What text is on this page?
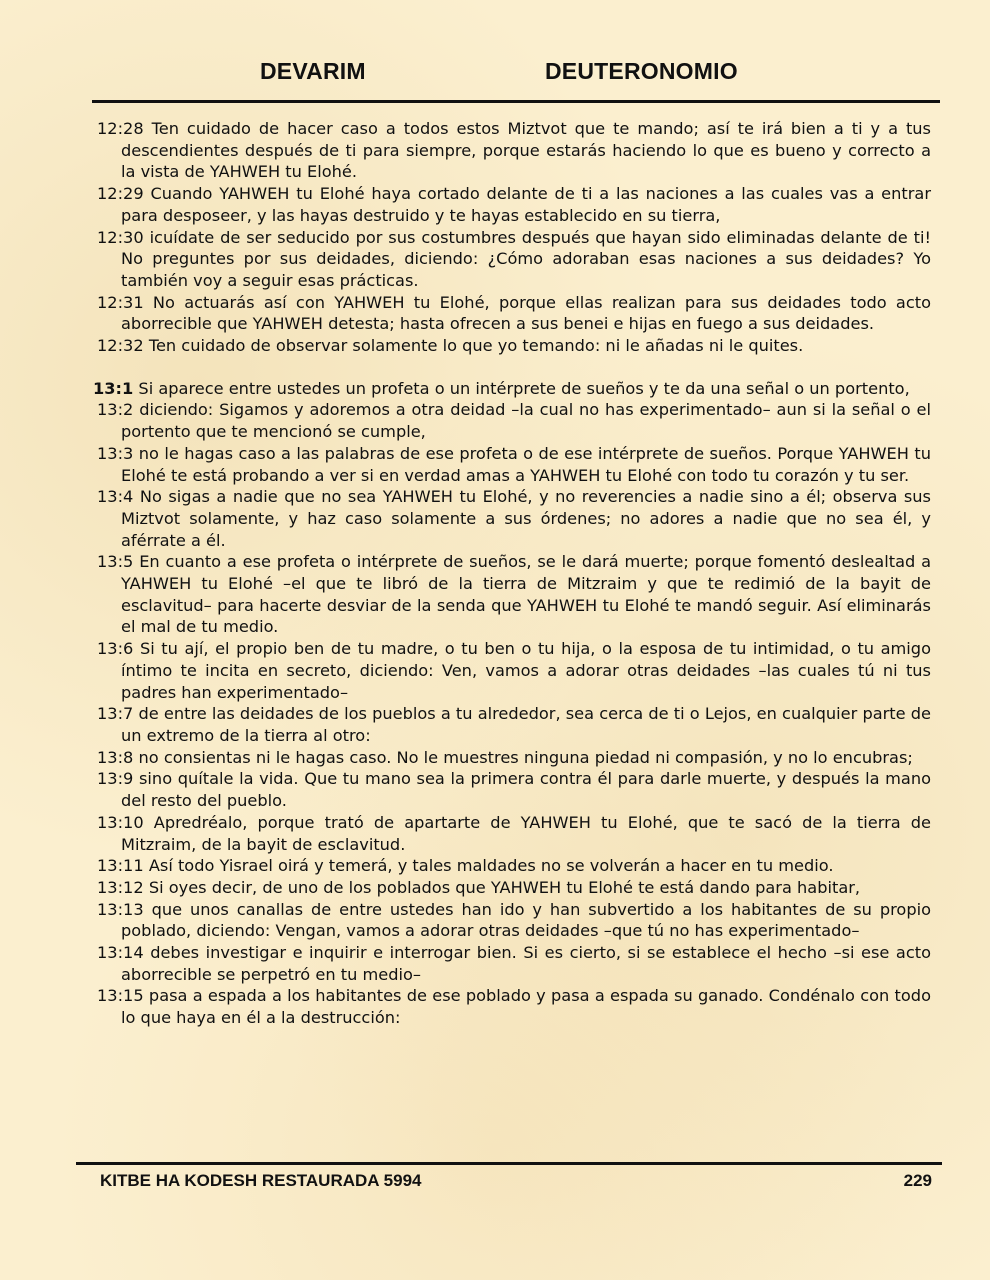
DEVARIM	DEUTERONOMIO
12:28 Ten cuidado de hacer caso a todos estos Miztvot que te mando; así te irá bien a ti y a tus descendientes después de ti para siempre, porque estarás haciendo lo que es bueno y correcto a la vista de YAHWEH tu Elohé.
12:29 Cuando YAHWEH tu Elohé haya cortado delante de ti a las naciones a las cuales vas a entrar para desposeer, y las hayas destruido y te hayas establecido en su tierra,
12:30 icuídate de ser seducido por sus costumbres después que hayan sido eliminadas delante de ti! No preguntes por sus deidades, diciendo: ¿Cómo adoraban esas naciones a sus deidades? Yo también voy a seguir esas prácticas.
12:31 No actuarás así con YAHWEH tu Elohé, porque ellas realizan para sus deidades todo acto aborrecible que YAHWEH detesta; hasta ofrecen a sus benei e hijas en fuego a sus deidades.
12:32 Ten cuidado de observar solamente lo que yo temando: ni le añadas ni le quites.
13:1 Si aparece entre ustedes un profeta o un intérprete de sueños y te da una señal o un portento,
13:2 diciendo: Sigamos y adoremos a otra deidad –la cual no has experimentado– aun si la señal o el portento que te mencionó se cumple,
13:3 no le hagas caso a las palabras de ese profeta o de ese intérprete de sueños. Porque YAHWEH tu Elohé te está probando a ver si en verdad amas a YAHWEH tu Elohé con todo tu corazón y tu ser.
13:4 No sigas a nadie que no sea YAHWEH tu Elohé, y no reverencies a nadie sino a él; observa sus Miztvot solamente, y haz caso solamente a sus órdenes; no adores a nadie que no sea él, y aférrate a él.
13:5 En cuanto a ese profeta o intérprete de sueños, se le dará muerte; porque fomentó deslealtad a YAHWEH tu Elohé –el que te libró de la tierra de Mitzraim y que te redimió de la bayit de esclavitud– para hacerte desviar de la senda que YAHWEH tu Elohé te mandó seguir. Así eliminarás el mal de tu medio.
13:6 Si tu ají, el propio ben de tu madre, o tu ben o tu hija, o la esposa de tu intimidad, o tu amigo íntimo te incita en secreto, diciendo: Ven, vamos a adorar otras deidades –las cuales tú ni tus padres han experimentado–
13:7 de entre las deidades de los pueblos a tu alrededor, sea cerca de ti o Lejos, en cualquier parte de un extremo de la tierra al otro:
13:8 no consientas ni le hagas caso. No le muestres ninguna piedad ni compasión, y no lo encubras;
13:9 sino quítale la vida. Que tu mano sea la primera contra él para darle muerte, y después la mano del resto del pueblo.
13:10 Apredréalo, porque trató de apartarte de YAHWEH tu Elohé, que te sacó de la tierra de Mitzraim, de la bayit de esclavitud.
13:11 Así todo Yisrael oirá y temerá, y tales maldades no se volverán a hacer en tu medio.
13:12 Si oyes decir, de uno de los poblados que YAHWEH tu Elohé te está dando para habitar,
13:13 que unos canallas de entre ustedes han ido y han subvertido a los habitantes de su propio poblado, diciendo: Vengan, vamos a adorar otras deidades –que tú no has experimentado–
13:14 debes investigar e inquirir e interrogar bien. Si es cierto, si se establece el hecho –si ese acto aborrecible se perpetró en tu medio–
13:15 pasa a espada a los habitantes de ese poblado y pasa a espada su ganado. Condénalo con todo lo que haya en él a la destrucción:
KITBE HA KODESH RESTAURADA 5994	229
